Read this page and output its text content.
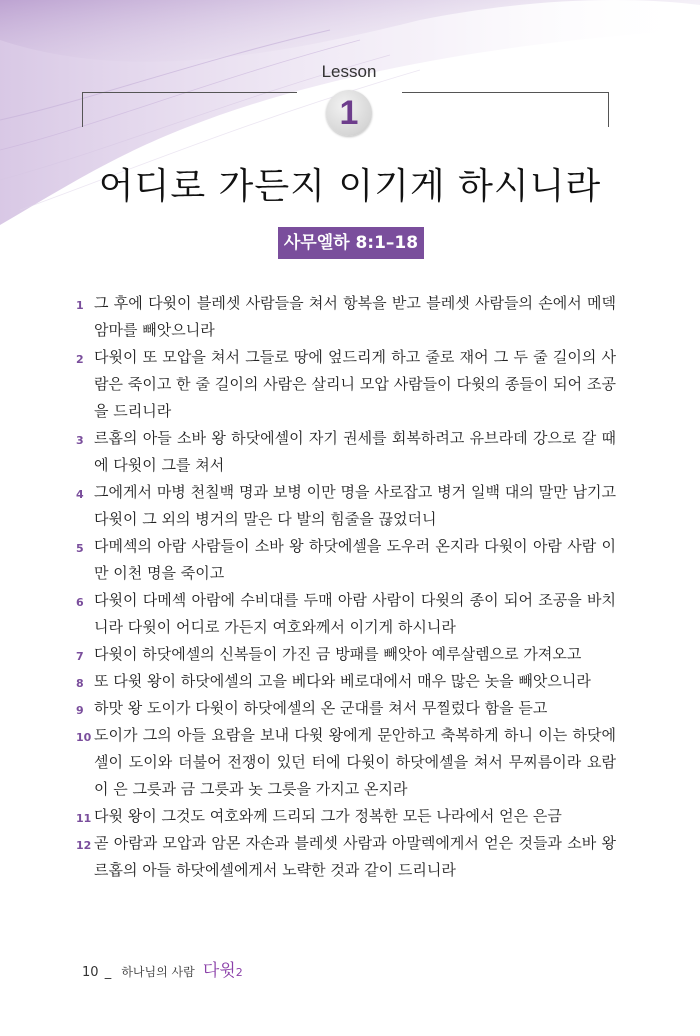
Lesson
1
어디로 가든지 이기게 하시니라
사무엘하 8:1–18
1 그 후에 다윗이 블레셋 사람들을 쳐서 항복을 받고 블레셋 사람들의 손에서 메덱암마를 빼앗으니라
2 다윗이 또 모압을 쳐서 그들로 땅에 엎드리게 하고 줄로 재어 그 두 줄 길이의 사람은 죽이고 한 줄 길이의 사람은 살리니 모압 사람들이 다윗의 종들이 되어 조공을 드리니라
3 르홉의 아들 소바 왕 하닷에셀이 자기 권세를 회복하려고 유브라데 강으로 갈 때에 다윗이 그를 쳐서
4 그에게서 마병 천칠백 명과 보병 이만 명을 사로잡고 병거 일백 대의 말만 남기고 다윗이 그 외의 병거의 말은 다 발의 힘줄을 끊었더니
5 다메섹의 아람 사람들이 소바 왕 하닷에셀을 도우러 온지라 다윗이 아람 사람 이만 이천 명을 죽이고
6 다윗이 다메섹 아람에 수비대를 두매 아람 사람이 다윗의 종이 되어 조공을 바치니라 다윗이 어디로 가든지 여호와께서 이기게 하시니라
7 다윗이 하닷에셀의 신복들이 가진 금 방패를 빼앗아 예루살렘으로 가져오고
8 또 다윗 왕이 하닷에셀의 고을 베다와 베로대에서 매우 많은 놋을 빼앗으니라
9 하맛 왕 도이가 다윗이 하닷에셀의 온 군대를 쳐서 무찔렀다 함을 듣고
10 도이가 그의 아들 요람을 보내 다윗 왕에게 문안하고 축복하게 하니 이는 하닷에셀이 도이와 더불어 전쟁이 있던 터에 다윗이 하닷에셀을 쳐서 무찌름이라 요람이 은 그릇과 금 그릇과 놋 그릇을 가지고 온지라
11 다윗 왕이 그것도 여호와께 드리되 그가 정복한 모든 나라에서 얻은 은금
12 곧 아람과 모압과 암몬 자손과 블레셋 사람과 아말렉에게서 얻은 것들과 소바 왕 르홉의 아들 하닷에셀에게서 노략한 것과 같이 드리니라
10 _ 하나님의 사람 다윗2
